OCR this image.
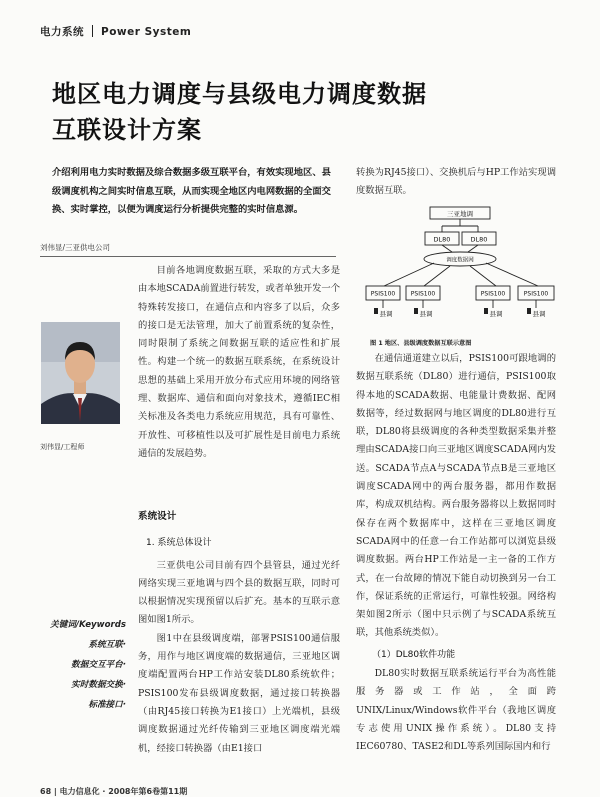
电力系统 Power System
地区电力调度与县级电力调度数据
互联设计方案
介绍利用电力实时数据及综合数据多级互联平台，有效实现地区、县级调度机构之间实时信息互联，从而实现全地区内电网数据的全面交换、实时掌控，以便为调度运行分析提供完整的实时信息源。
刘伟显/三亚供电公司
刘伟显/工程师
关键词/Keywords
系统互联·
数据交互平台·
实时数据交换·
标准接口·

目前各地调度数据互联，采取的方式大多是由本地SCADA前置进行转发，或者单独开发一个特殊转发接口，在通信点和内容多了以后，众多的接口是无法管理，加大了前置系统的复杂性，同时限制了系统之间数据互联的适应性和扩展性。构建一个统一的数据互联系统，在系统设计思想的基础上采用开放分布式应用环境的网络管理、数据库、通信和面向对象技术，遵循IEC相关标准及各类电力系统应用规范，具有可靠性、开放性、可移植性以及可扩展性是目前电力系统通信的发展趋势。

系统设计
1. 系统总体设计

三亚供电公司目前有四个县管县，通过光纤网络实现三亚地调与四个县的数据互联，同时可以根据情况实现预留以后扩充。基本的互联示意图如图1所示。

图1中在县级调度端，部署PSIS100通信服务，用作与地区调度端的数据通信，三亚地区调度端配置两台HP工作站安装DL80系统软件；PSIS100发布县级调度数据，通过接口转换器（由RJ45接口转换为E1接口）上光端机，县级调度数据通过光纤传输到三亚地区调度端光端机，经接口转换器（由E1接口

转换为RJ45接口）、交换机后与HP工作站实现调度数据互联。

三亚地调
DL80	DL80
调度数据网
PSIS100	PSIS100	PSIS100	PSIS100
县调	县调	县调	县调
图 1 地区、县级调度数据互联示意图

在通信通道建立以后，PSIS100可跟地调的数据互联系统（DL80）进行通信，PSIS100取得本地的SCADA数据、电能量计费数据、配网数据等，经过数据网与地区调度的DL80进行互联，DL80将县级调度的各种类型数据采集并整理由SCADA接口向三亚地区调度SCADA网内发送。SCADA节点A与SCADA节点B是三亚地区调度SCADA网中的两台服务器，都用作数据库，构成双机结构。两台服务器将以上数据同时保存在两个数据库中，这样在三亚地区调度SCADA网中的任意一台工作站都可以浏览县级调度数据。两台HP工作站是一主一备的工作方式，在一台故障的情况下能自动切换到另一台工作，保证系统的正常运行，可靠性较强。网络构架如图2所示（图中只示例了与SCADA系统互联，其他系统类似）。

（1）DL80软件功能

DL80实时数据互联系统运行平台为高性能服务器或工作站，全面跨UNIX/Linux/Windows软件平台（我地区调度专志使用UNIX操作系统）。DL80支持IEC60780、TASE2和DL等系列国际国内和行

68 | 电力信息化 · 2008年第6卷第11期
